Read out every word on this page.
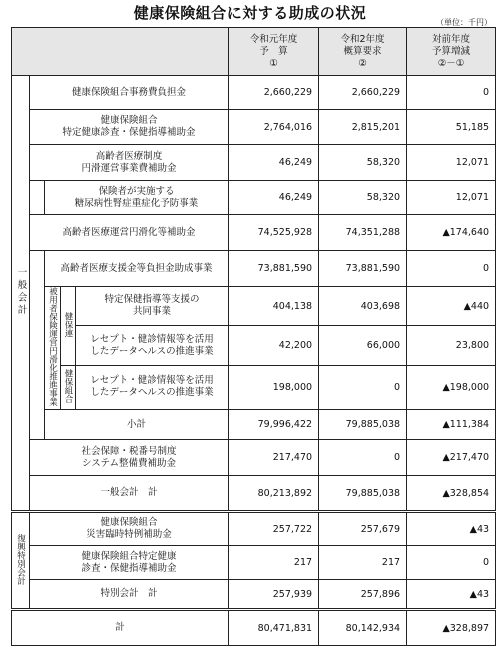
健康保険組合に対する助成の状況
（単位：千円）

					令和元年度
予　算
①	令和2年度
概算要求
②	対前年度
予算増減
②－①

一般会計	健康保険組合事務費負担金				2,660,229	2,660,229	0

	健康保険組合
特定健康診査・保健指導補助金				2,764,016	2,815,201	51,185

	高齢者医療制度
円滑運営事業費補助金				46,249	58,320	12,071

		保険者が実施する
糖尿病性腎症重症化予防事業			46,249	58,320	12,071

	高齢者医療運営円滑化等補助金				74,525,928	74,351,288	▲174,640

		高齢者医療支援金等負担金助成事業			73,881,590	73,881,590	0
		被用者保険運営円滑化推進事業	健保連	特定保健指導等支援の
共同事業	404,138	403,698	▲440

				レセプト・健診情報等を活用
したデータヘルスの推進事業	42,200	66,000	23,800
			健保組合	レセプト・健診情報等を活用
したデータヘルスの推進事業	198,000	0	▲198,000

		小計			79,996,422	79,885,038	▲111,384

	社会保障・税番号制度
システム整備費補助金				217,470	0	▲217,470

	一般会計　計				80,213,892	79,885,038	▲328,854
復興特別会計	健康保険組合
災害臨時特例補助金				257,722	257,679	▲43

	健康保険組合特定健康
診査・保健指導補助金				217	217	0

	特別会計　計				257,939	257,896	▲43

計					80,471,831	80,142,934	▲328,897
